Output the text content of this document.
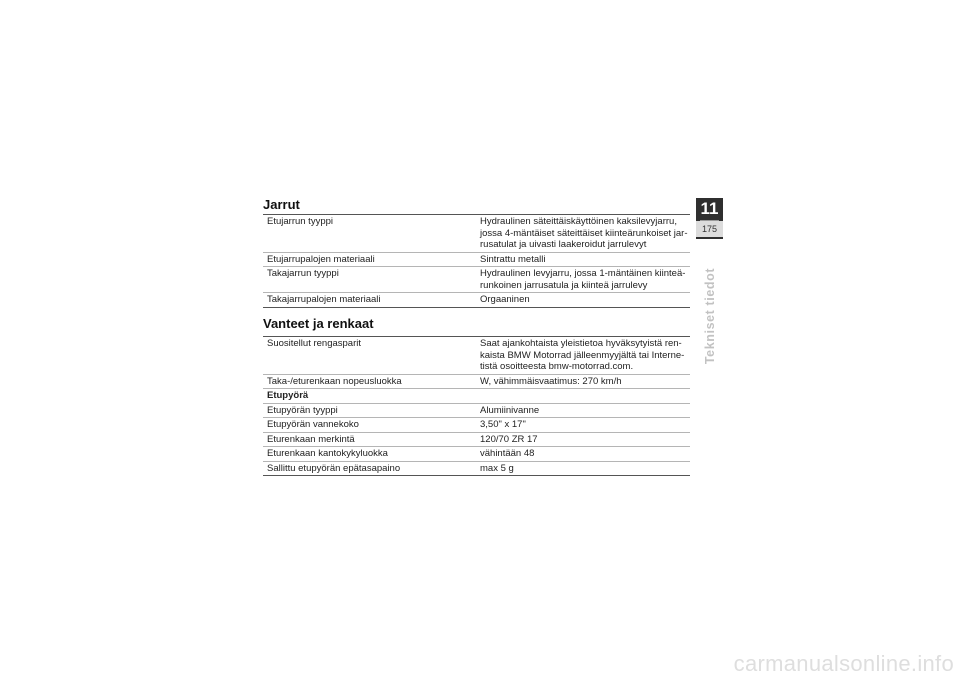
Jarrut
Etujarrun tyyppi	Hydraulinen säteittäiskäyttöinen kaksilevyjarru, jossa 4-mäntäiset säteittäiset kiinteärunkoiset jar- rusatulat ja uivasti laakeroidut jarrulevyt
Etujarrupalojen materiaali	Sintrattu metalli
Takajarrun tyyppi	Hydraulinen levyjarru, jossa 1-mäntäinen kiinteä- runkoinen jarrusatula ja kiinteä jarrulevy
Takajarrupalojen materiaali	Orgaaninen
Vanteet ja renkaat
Suositellut rengasparit	Saat ajankohtaista yleistietoa hyväksytyistä ren- kaista BMW Motorrad jälleenmyyjältä tai Interne- tistä osoitteesta bmw-motorrad.com.
Taka-/eturenkaan nopeusluokka	W, vähimmäisvaatimus: 270 km/h
Etupyörä	
Etupyörän tyyppi	Alumiinivanne
Etupyörän vannekoko	3,50" x 17"
Eturenkaan merkintä	120/70 ZR 17
Eturenkaan kantokykyluokka	vähintään 48
Sallittu etupyörän epätasapaino	max 5 g
11
175
Tekniset tiedot
carmanualsonline.info
